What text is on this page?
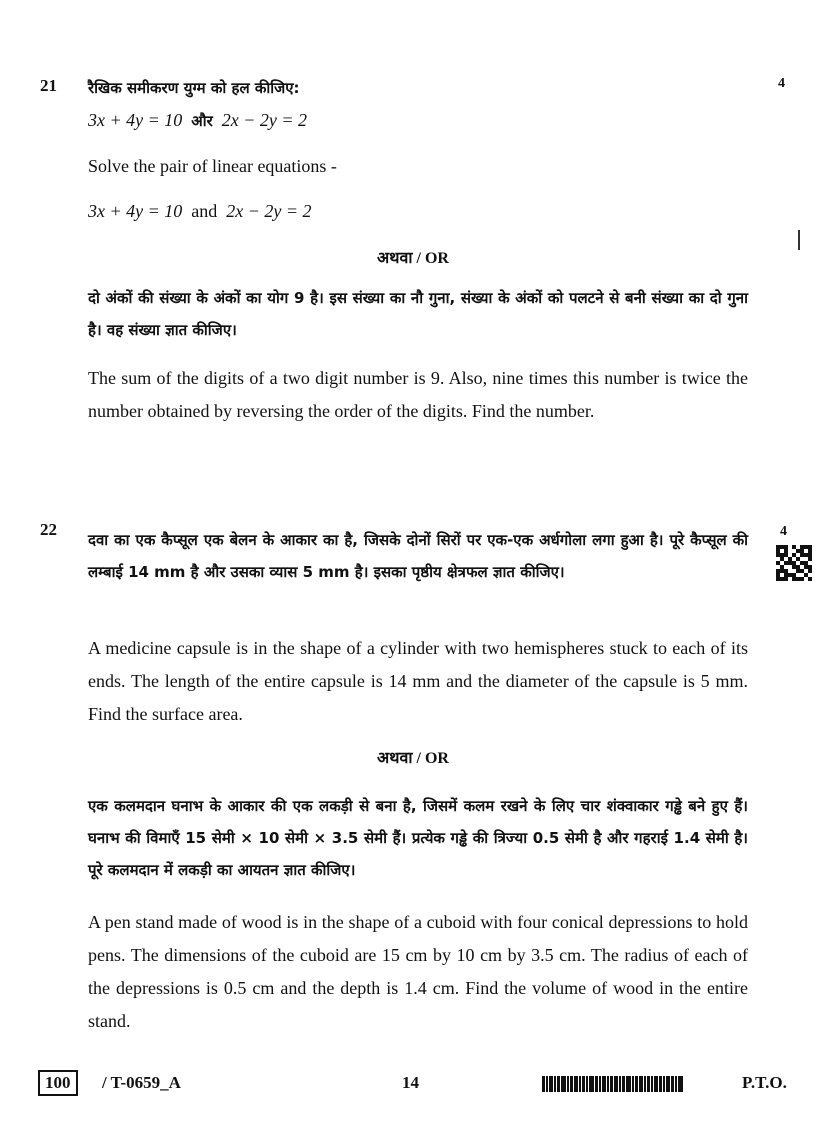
21	4
रैखिक समीकरण युग्म को हल कीजिए:
3x + 4y = 10 और 2x − 2y = 2
Solve the pair of linear equations -
3x + 4y = 10 and 2x − 2y = 2
अथवा / OR
दो अंकों की संख्या के अंकों का योग 9 है। इस संख्या का नौ गुना, संख्या के अंकों को पलटने से बनी संख्या का दो गुना है। वह संख्या ज्ञात कीजिए।
The sum of the digits of a two digit number is 9. Also, nine times this number is twice the number obtained by reversing the order of the digits. Find the number.
22	4
दवा का एक कैप्सूल एक बेलन के आकार का है, जिसके दोनों सिरों पर एक-एक अर्धगोला लगा हुआ है। पूरे कैप्सूल की लम्बाई 14 mm है और उसका व्यास 5 mm है। इसका पृष्ठीय क्षेत्रफल ज्ञात कीजिए।
A medicine capsule is in the shape of a cylinder with two hemispheres stuck to each of its ends. The length of the entire capsule is 14 mm and the diameter of the capsule is 5 mm. Find the surface area.
अथवा / OR
एक कलमदान घनाभ के आकार की एक लकड़ी से बना है, जिसमें कलम रखने के लिए चार शंक्वाकार गड्ढे बने हुए हैं। घनाभ की विमाएँ 15 सेमी × 10 सेमी × 3.5 सेमी हैं। प्रत्येक गड्ढे की त्रिज्या 0.5 सेमी है और गहराई 1.4 सेमी है। पूरे कलमदान में लकड़ी का आयतन ज्ञात कीजिए।
A pen stand made of wood is in the shape of a cuboid with four conical depressions to hold pens. The dimensions of the cuboid are 15 cm by 10 cm by 3.5 cm. The radius of each of the depressions is 0.5 cm and the depth is 1.4 cm. Find the volume of wood in the entire stand.
100	/ T-0659_A	14	P.T.O.
